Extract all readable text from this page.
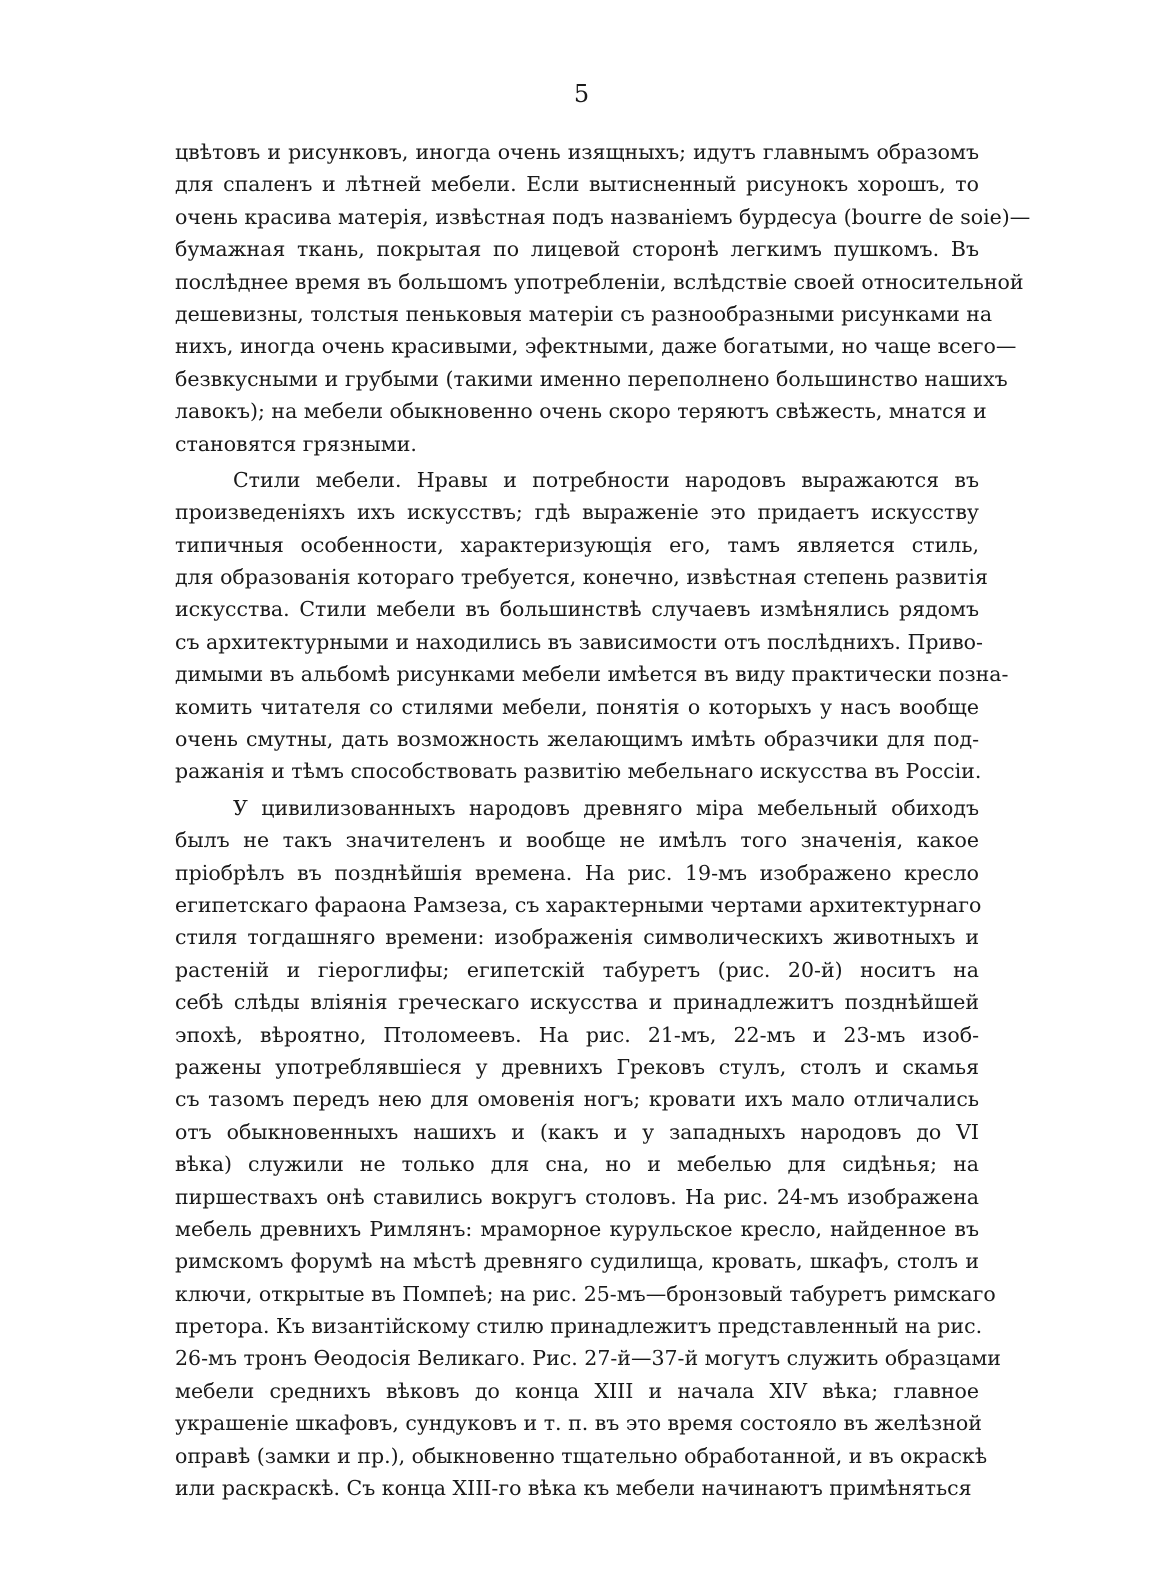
5
цвѣтовъ и рисунковъ, иногда очень изящныхъ; идутъ главнымъ образомъ
для спаленъ и лѣтней мебели. Если вытисненный рисунокъ хорошъ, то
очень красива матерія, извѣстная подъ названіемъ бурдесуа (bourre de soie)—
бумажная ткань, покрытая по лицевой сторонѣ легкимъ пушкомъ. Въ
послѣднее время въ большомъ употребленіи, вслѣдствіе своей относительной
дешевизны, толстыя пеньковыя матеріи съ разнообразными рисунками на
нихъ, иногда очень красивыми, эфектными, даже богатыми, но чаще всего—
безвкусными и грубыми (такими именно переполнено большинство нашихъ
лавокъ); на мебели обыкновенно очень скоро теряютъ свѣжесть, мнатся и
становятся грязными.
Стили мебели. Нравы и потребности народовъ выражаются въ
произведеніяхъ ихъ искусствъ; гдѣ выраженіе это придаетъ искусству
типичныя особенности, характеризующія его, тамъ является стиль,
для образованія котораго требуется, конечно, извѣстная степень развитія
искусства. Стили мебели въ большинствѣ случаевъ измѣнялись рядомъ
съ архитектурными и находились въ зависимости отъ послѣднихъ. Приво-
димыми въ альбомѣ рисунками мебели имѣется въ виду практически позна-
комить читателя со стилями мебели, понятія о которыхъ у насъ вообще
очень смутны, дать возможность желающимъ имѣть образчики для под-
ражанія и тѣмъ способствовать развитію мебельнаго искусства въ Россіи.
У цивилизованныхъ народовъ древняго міра мебельный обиходъ
былъ не такъ значителенъ и вообще не имѣлъ того значенія, какое
пріобрѣлъ въ позднѣйшія времена. На рис. 19-мъ изображено кресло
египетскаго фараона Рамзеза, съ характерными чертами архитектурнаго
стиля тогдашняго времени: изображенія символическихъ животныхъ и
растеній и гіероглифы; египетскій табуретъ (рис. 20-й) носитъ на
себѣ слѣды вліянія греческаго искусства и принадлежитъ позднѣйшей
эпохѣ, вѣроятно, Птоломеевъ. На рис. 21-мъ, 22-мъ и 23-мъ изоб-
ражены употреблявшіеся у древнихъ Грековъ стулъ, столъ и скамья
съ тазомъ передъ нею для омовенія ногъ; кровати ихъ мало отличались
отъ обыкновенныхъ нашихъ и (какъ и у западныхъ народовъ до VI
вѣка) служили не только для сна, но и мебелью для сидѣнья; на
пиршествахъ онѣ ставились вокругъ столовъ. На рис. 24-мъ изображена
мебель древнихъ Римлянъ: мраморное курульское кресло, найденное въ
римскомъ форумѣ на мѣстѣ древняго судилища, кровать, шкафъ, столъ и
ключи, открытые въ Помпеѣ; на рис. 25-мъ—бронзовый табуретъ римскаго
претора. Къ византійскому стилю принадлежитъ представленный на рис.
26-мъ тронъ Ѳеодосія Великаго. Рис. 27-й—37-й могутъ служить образцами
мебели среднихъ вѣковъ до конца XIII и начала XIV вѣка; главное
украшеніе шкафовъ, сундуковъ и т. п. въ это время состояло въ желѣзной
оправѣ (замки и пр.), обыкновенно тщательно обработанной, и въ окраскѣ
или раскраскѣ. Съ конца XIII-го вѣка къ мебели начинаютъ примѣняться
